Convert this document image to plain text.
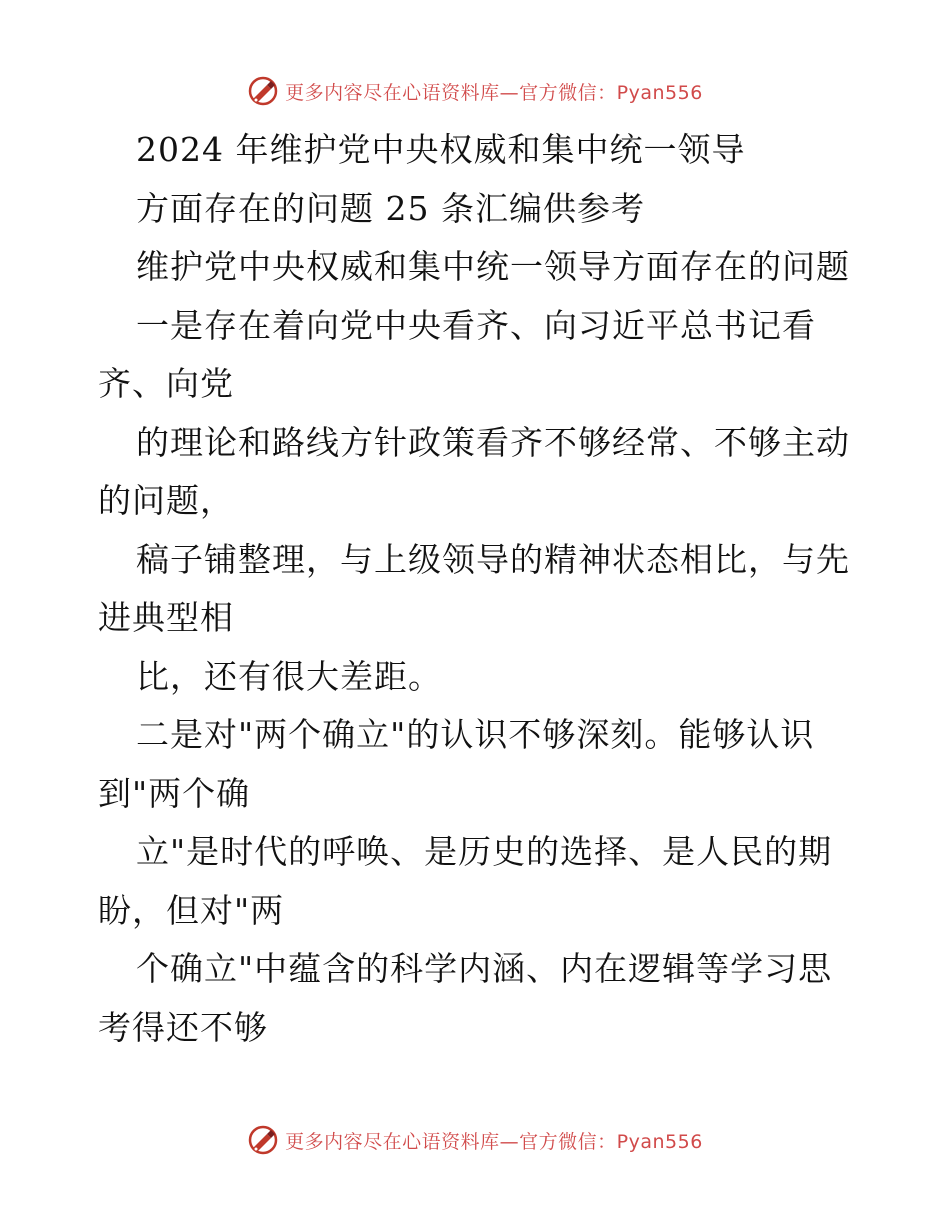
更多内容尽在心语资料库—官方微信：Pyan556
2024 年维护党中央权威和集中统一领导
方面存在的问题 25 条汇编供参考
维护党中央权威和集中统一领导方面存在的问题
一是存在着向党中央看齐、向习近平总书记看
齐、向党
的理论和路线方针政策看齐不够经常、不够主动
的问题，
稿子铺整理，与上级领导的精神状态相比，与先
进典型相
比，还有很大差距。
二是对"两个确立"的认识不够深刻。能够认识
到"两个确
立"是时代的呼唤、是历史的选择、是人民的期
盼，但对"两
个确立"中蕴含的科学内涵、内在逻辑等学习思
考得还不够
更多内容尽在心语资料库—官方微信：Pyan556
